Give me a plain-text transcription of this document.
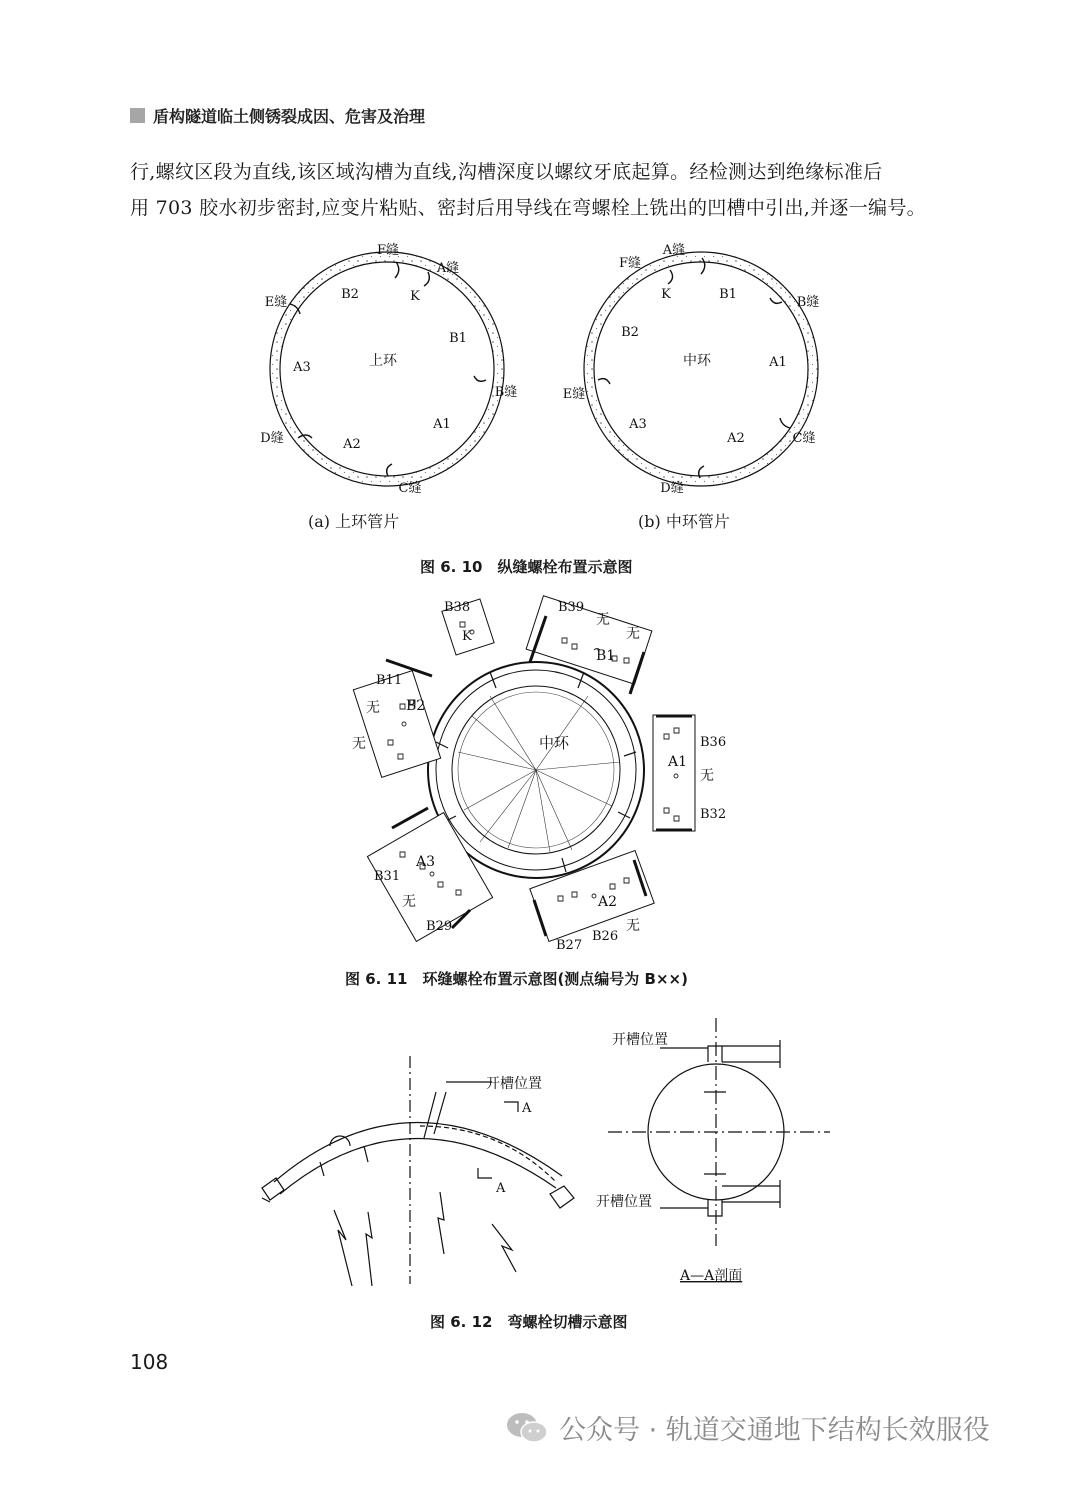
盾构隧道临土侧锈裂成因、危害及治理

行,螺纹区段为直线,该区域沟槽为直线,沟槽深度以螺纹牙底起算。经检测达到绝缘标准后

用 703 胶水初步密封,应变片粘贴、密封后用导线在弯螺栓上铣出的凹槽中引出,并逐一编号。

F缝
A缝
E缝
B缝
D缝
C缝
B2	K
B1
A3
A1
A2
上环
A缝
F缝
B缝
E缝
C缝
D缝
K	B1
B2
A1
A3
A2
中环
(a) 上环管片	(b) 中环管片
图 6. 10　纵缝螺栓布置示意图
中环
B38
K
B39
无
无
B1
B11
B2
无
无	B36
A1
无
B32
A3
B31
无
B29
A2
无
B27
B26
图 6. 11　环缝螺栓布置示意图(测点编号为 B××)
开槽位置
A
A
开槽位置
开槽位置
A—A剖面
图 6. 12　弯螺栓切槽示意图
108
公众号 · 轨道交通地下结构长效服役
